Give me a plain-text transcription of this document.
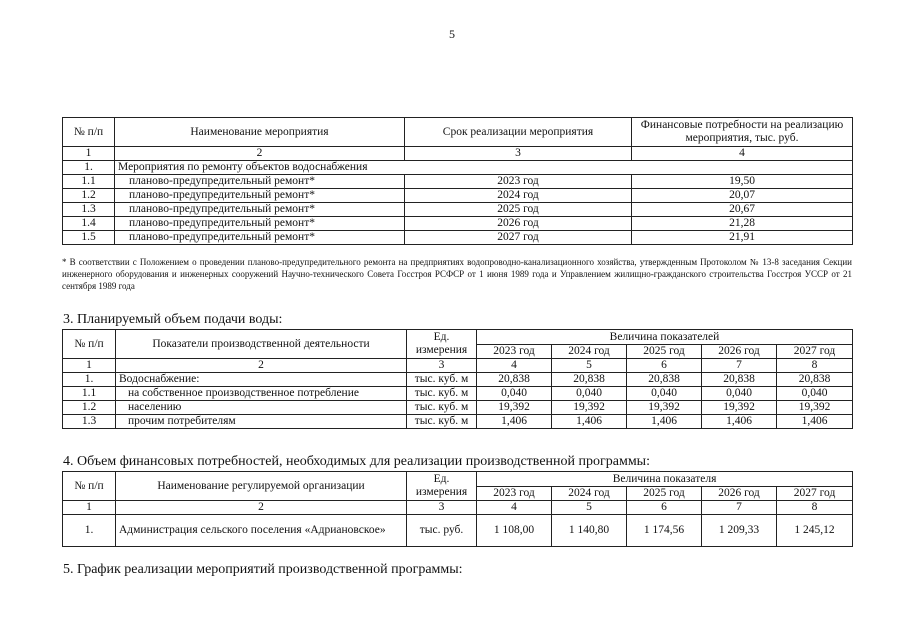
5
№ п/п	Наименование мероприятия	Срок реализации мероприятия	Финансовые потребности на реализацию мероприятия, тыс. руб.
1	2	3	4
1.	Мероприятия по ремонту объектов водоснабжения		
1.1	планово-предупредительный ремонт*	2023 год	19,50
1.2	планово-предупредительный ремонт*	2024 год	20,07
1.3	планово-предупредительный ремонт*	2025 год	20,67
1.4	планово-предупредительный ремонт*	2026 год	21,28
1.5	планово-предупредительный ремонт*	2027 год	21,91
* В соответствии с Положением о проведении планово-предупредительного ремонта на предприятиях водопроводно-канализационного хозяйства, утвержденным Протоколом № 13-8 заседания Секции инженерного оборудования и инженерных сооружений Научно-технического Совета Госстроя РСФСР от 1 июня 1989 года и Управлением жилищно-гражданского строительства Госстроя УССР от 21 сентября 1989 года
3. Планируемый объем подачи воды:
№ п/п	Показатели производственной деятельности	Ед. измерения	Величина показателей				
			2023 год	2024 год	2025 год	2026 год	2027 год
1	2	3	4	5	6	7	8
1.	Водоснабжение:	тыс. куб. м	20,838	20,838	20,838	20,838	20,838
1.1	на собственное производственное потребление	тыс. куб. м	0,040	0,040	0,040	0,040	0,040
1.2	населению	тыс. куб. м	19,392	19,392	19,392	19,392	19,392
1.3	прочим потребителям	тыс. куб. м	1,406	1,406	1,406	1,406	1,406
4. Объем финансовых потребностей, необходимых для реализации производственной программы:
№ п/п	Наименование регулируемой организации	Ед. измерения	Величина показателя				
			2023 год	2024 год	2025 год	2026 год	2027 год
1	2	3	4	5	6	7	8
1.	Администрация сельского поселения «Адриановское»	тыс. руб.	1 108,00	1 140,80	1 174,56	1 209,33	1 245,12
5. График реализации мероприятий производственной программы:
